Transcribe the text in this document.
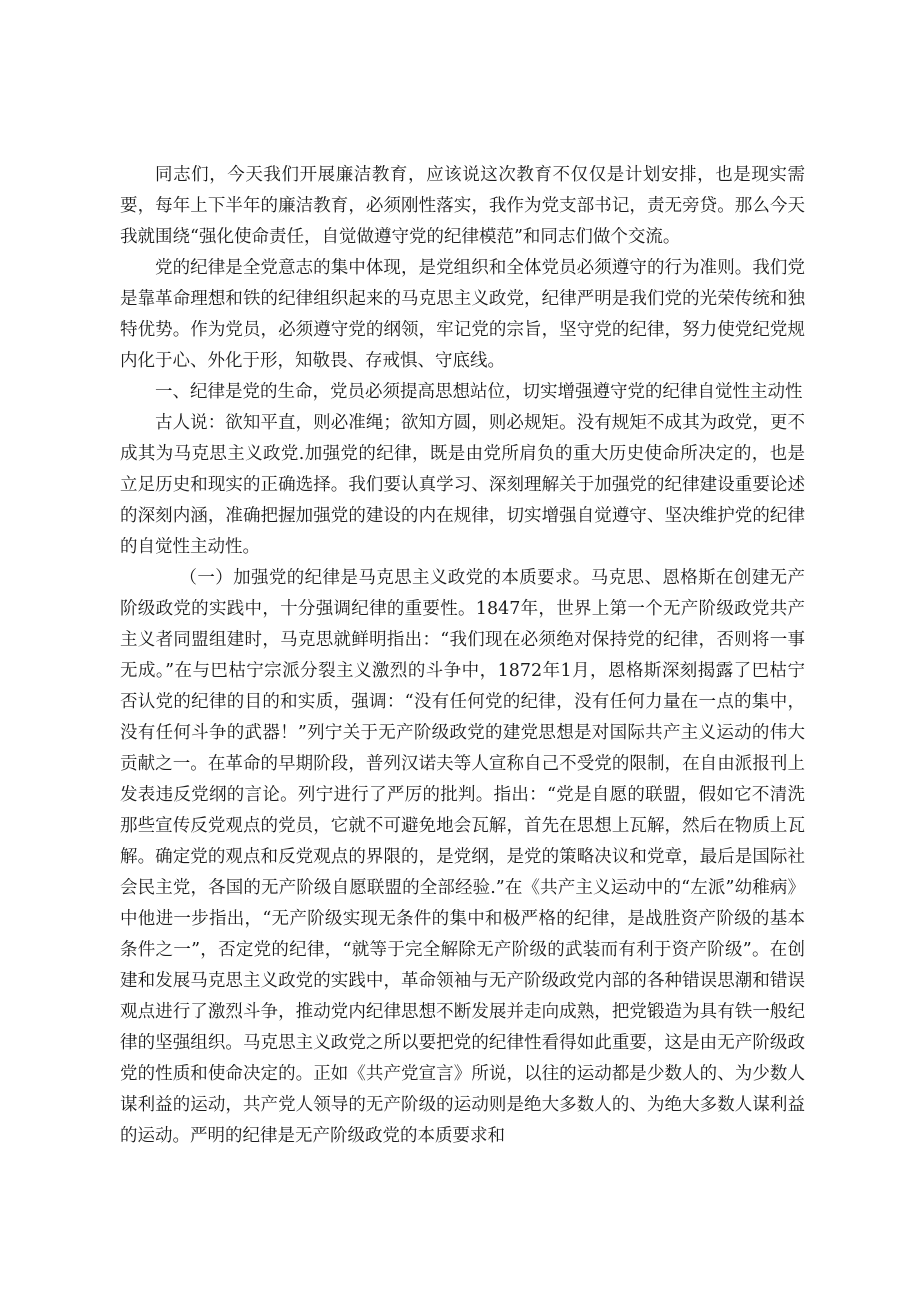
同志们，今天我们开展廉洁教育，应该说这次教育不仅仅是计划安排，也是现实需要，每年上下半年的廉洁教育，必须刚性落实，我作为党支部书记，责无旁贷。那么今天我就围绕“强化使命责任，自觉做遵守党的纪律模范”和同志们做个交流。

党的纪律是全党意志的集中体现，是党组织和全体党员必须遵守的行为准则。我们党是靠革命理想和铁的纪律组织起来的马克思主义政党，纪律严明是我们党的光荣传统和独特优势。作为党员，必须遵守党的纲领，牢记党的宗旨，坚守党的纪律，努力使党纪党规内化于心、外化于形，知敬畏、存戒惧、守底线。

一、纪律是党的生命，党员必须提高思想站位，切实增强遵守党的纪律自觉性主动性

古人说：欲知平直，则必准绳；欲知方圆，则必规矩。没有规矩不成其为政党，更不成其为马克思主义政党.加强党的纪律，既是由党所肩负的重大历史使命所决定的，也是立足历史和现实的正确选择。我们要认真学习、深刻理解关于加强党的纪律建设重要论述的深刻内涵，准确把握加强党的建设的内在规律，切实增强自觉遵守、坚决维护党的纪律的自觉性主动性。

（一）加强党的纪律是马克思主义政党的本质要求。马克思、恩格斯在创建无产阶级政党的实践中，十分强调纪律的重要性。1847年，世界上第一个无产阶级政党共产主义者同盟组建时，马克思就鲜明指出：“我们现在必须绝对保持党的纪律，否则将一事无成。”在与巴枯宁宗派分裂主义激烈的斗争中，1872年1月，恩格斯深刻揭露了巴枯宁否认党的纪律的目的和实质，强调：“没有任何党的纪律，没有任何力量在一点的集中，没有任何斗争的武器！”列宁关于无产阶级政党的建党思想是对国际共产主义运动的伟大贡献之一。在革命的早期阶段，普列汉诺夫等人宣称自己不受党的限制，在自由派报刊上发表违反党纲的言论。列宁进行了严厉的批判。指出：“党是自愿的联盟，假如它不清洗那些宣传反党观点的党员，它就不可避免地会瓦解，首先在思想上瓦解，然后在物质上瓦解。确定党的观点和反党观点的界限的，是党纲，是党的策略决议和党章，最后是国际社会民主党，各国的无产阶级自愿联盟的全部经验.”在《共产主义运动中的“左派”幼稚病》中他进一步指出，“无产阶级实现无条件的集中和极严格的纪律，是战胜资产阶级的基本条件之一”，否定党的纪律，“就等于完全解除无产阶级的武装而有利于资产阶级”。在创建和发展马克思主义政党的实践中，革命领袖与无产阶级政党内部的各种错误思潮和错误观点进行了激烈斗争，推动党内纪律思想不断发展并走向成熟，把党锻造为具有铁一般纪律的坚强组织。马克思主义政党之所以要把党的纪律性看得如此重要，这是由无产阶级政党的性质和使命决定的。正如《共产党宣言》所说，以往的运动都是少数人的、为少数人谋利益的运动，共产党人领导的无产阶级的运动则是绝大多数人的、为绝大多数人谋利益的运动。严明的纪律是无产阶级政党的本质要求和
